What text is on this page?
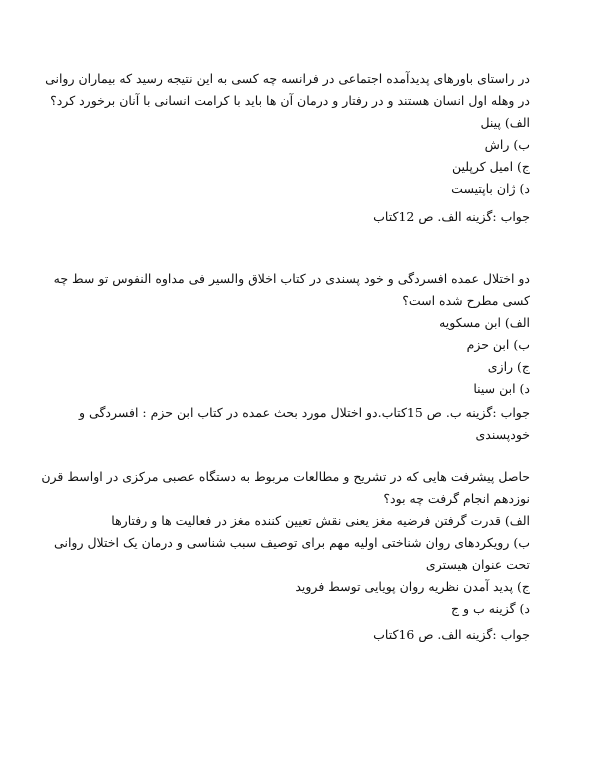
در راستای باورهای پدیدآمده اجتماعی در فرانسه چه کسی به این نتیجه رسید که بیماران روانی در وهله اول انسان هستند و در رفتار و درمان آن ها باید با کرامت انسانی با آنان برخورد کرد؟

الف) پینل

ب) راش

ج) امیل کرپلین

د) ژان باپتیست

جواب :گزینه الف. ص 12کتاب

دو اختلال عمده افسردگی و خود پسندی در کتاب اخلاق والسیر فی مداوه النفوس تو سط چه کسی مطرح شده است؟

الف) ابن مسکویه

ب) ابن حزم

ج) رازی

د) ابن سینا

جواب :گزینه ب. ص 15کتاب.دو اختلال مورد بحث عمده در کتاب ابن حزم : افسردگی و خودپسندی

حاصل پیشرفت هایی که در تشریح و مطالعات مربوط به دستگاه عصبی مرکزی در اواسط قرن نوزدهم انجام گرفت چه بود؟

الف) قدرت گرفتن فرضیه مغز یعنی نقش تعیین کننده مغز در فعالیت ها و رفتارها

ب) رویکردهای روان شناختی اولیه مهم برای توصیف سبب شناسی و درمان یک اختلال روانی تحت عنوان هیستری

ج) پدید آمدن نظریه روان پویایی توسط فروید

د) گزینه ب و ج

جواب :گزینه الف. ص 16کتاب
